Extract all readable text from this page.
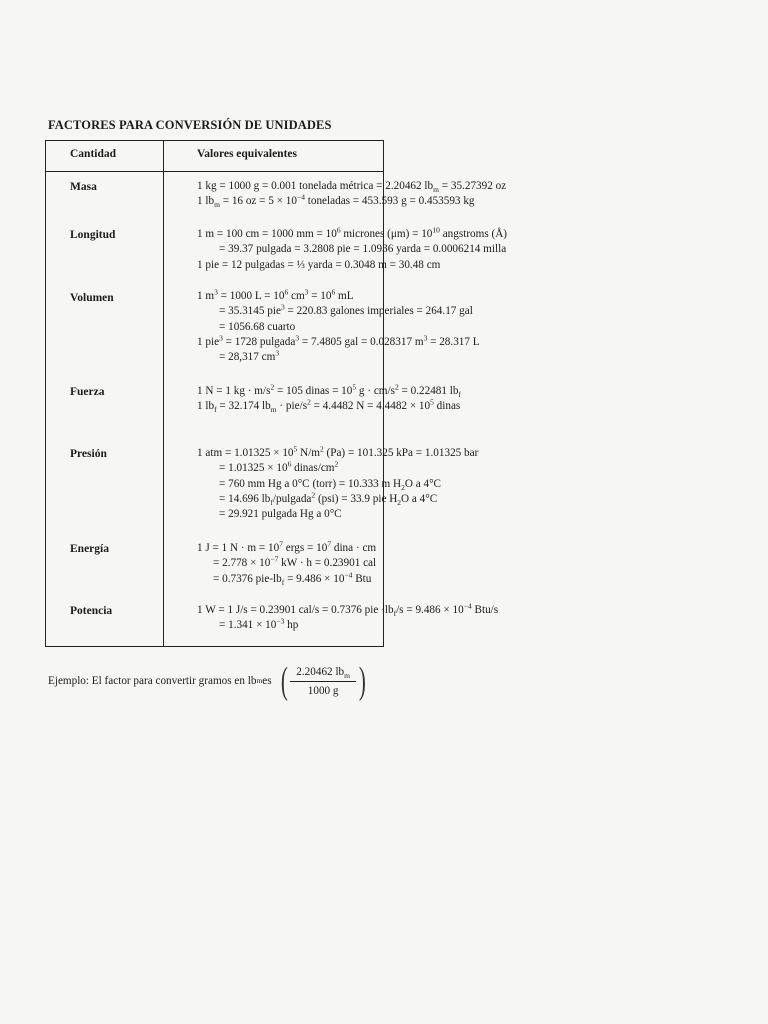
FACTORES PARA CONVERSIÓN DE UNIDADES
Cantidad	Valores equivalentes
Masa	1 kg = 1000 g = 0.001 tonelada métrica = 2.20462 $lb_m = 35.27392$ oz
1 $lb_m = 16$ oz = $5 \times 10^{-4}$ toneladas = 453.593 g = 0.453593 kg
Longitud	1 m = 100 cm = 1000 mm = $10^6$ micrones $(\mu m) = 10^{10}$ angstroms (Å)
= 39.37 pulgada = 3.2808 pie = 1.0936 yarda = 0.0006214 milla
1 pie = 12 pulgadas = ⅓ yarda = 0.3048 m = 30.48 cm
Volumen	1 $m^3 = 1000$ $L = 10^6$ $cm^3 = 10^6$ mL
= 35.3145 pie$^3$ = 220.83 galones imperiales = 264.17 gal
= 1056.68 cuarto
1 pie$^3$ = 1728 pulgada$^3$ = 7.4805 gal = 0.028317 $m^3 = 28.317$ L
= 28,317 $cm^3$
Fuerza	1 N = 1 kg · $m/s^2 = 105$ dinas = $10^5$ $g \cdot cm/s^2 = 0.22481$ $lb_f$
1 $lb_f = 32.174$ $lb_m \cdot pie/s^2 = 4.4482$ $N = 4.4482 \times 10^5$ dinas
Presión	1 atm = $1.01325 \times 10^5$ $N/m^2$ (Pa) = 101.325 kPa = 1.01325 bar
= $1.01325 \times 10^6$ dinas/$cm^2$
= 760 mm Hg a 0°C (torr) = 10.333 m $H_2O$ a 4°C
= 14.696 $lb_f/pulgada^2$ (psi) = 33.9 pie $H_2O$ a 4°C
= 29.921 pulgada Hg a 0°C
Energía	1 J = 1 $N \cdot m = 10^7$ ergs = $10^7$ dina · cm
= $2.778 \times 10^{-7}$ kW · h = 0.23901 cal
= 0.7376 pie-$lb_f = 9.486 \times 10^{-4}$ Btu
Potencia	1 W = 1 J/s = 0.23901 cal/s = 0.7376 pie $\cdot lb_f/s = 9.486 \times 10^{-4}$ Btu/s
= $1.341 \times 10^{-3}$ hp
Ejemplo: El factor para convertir gramos en lb m es ( $\frac{2.20462 lb_m}{1000 g}$ )
